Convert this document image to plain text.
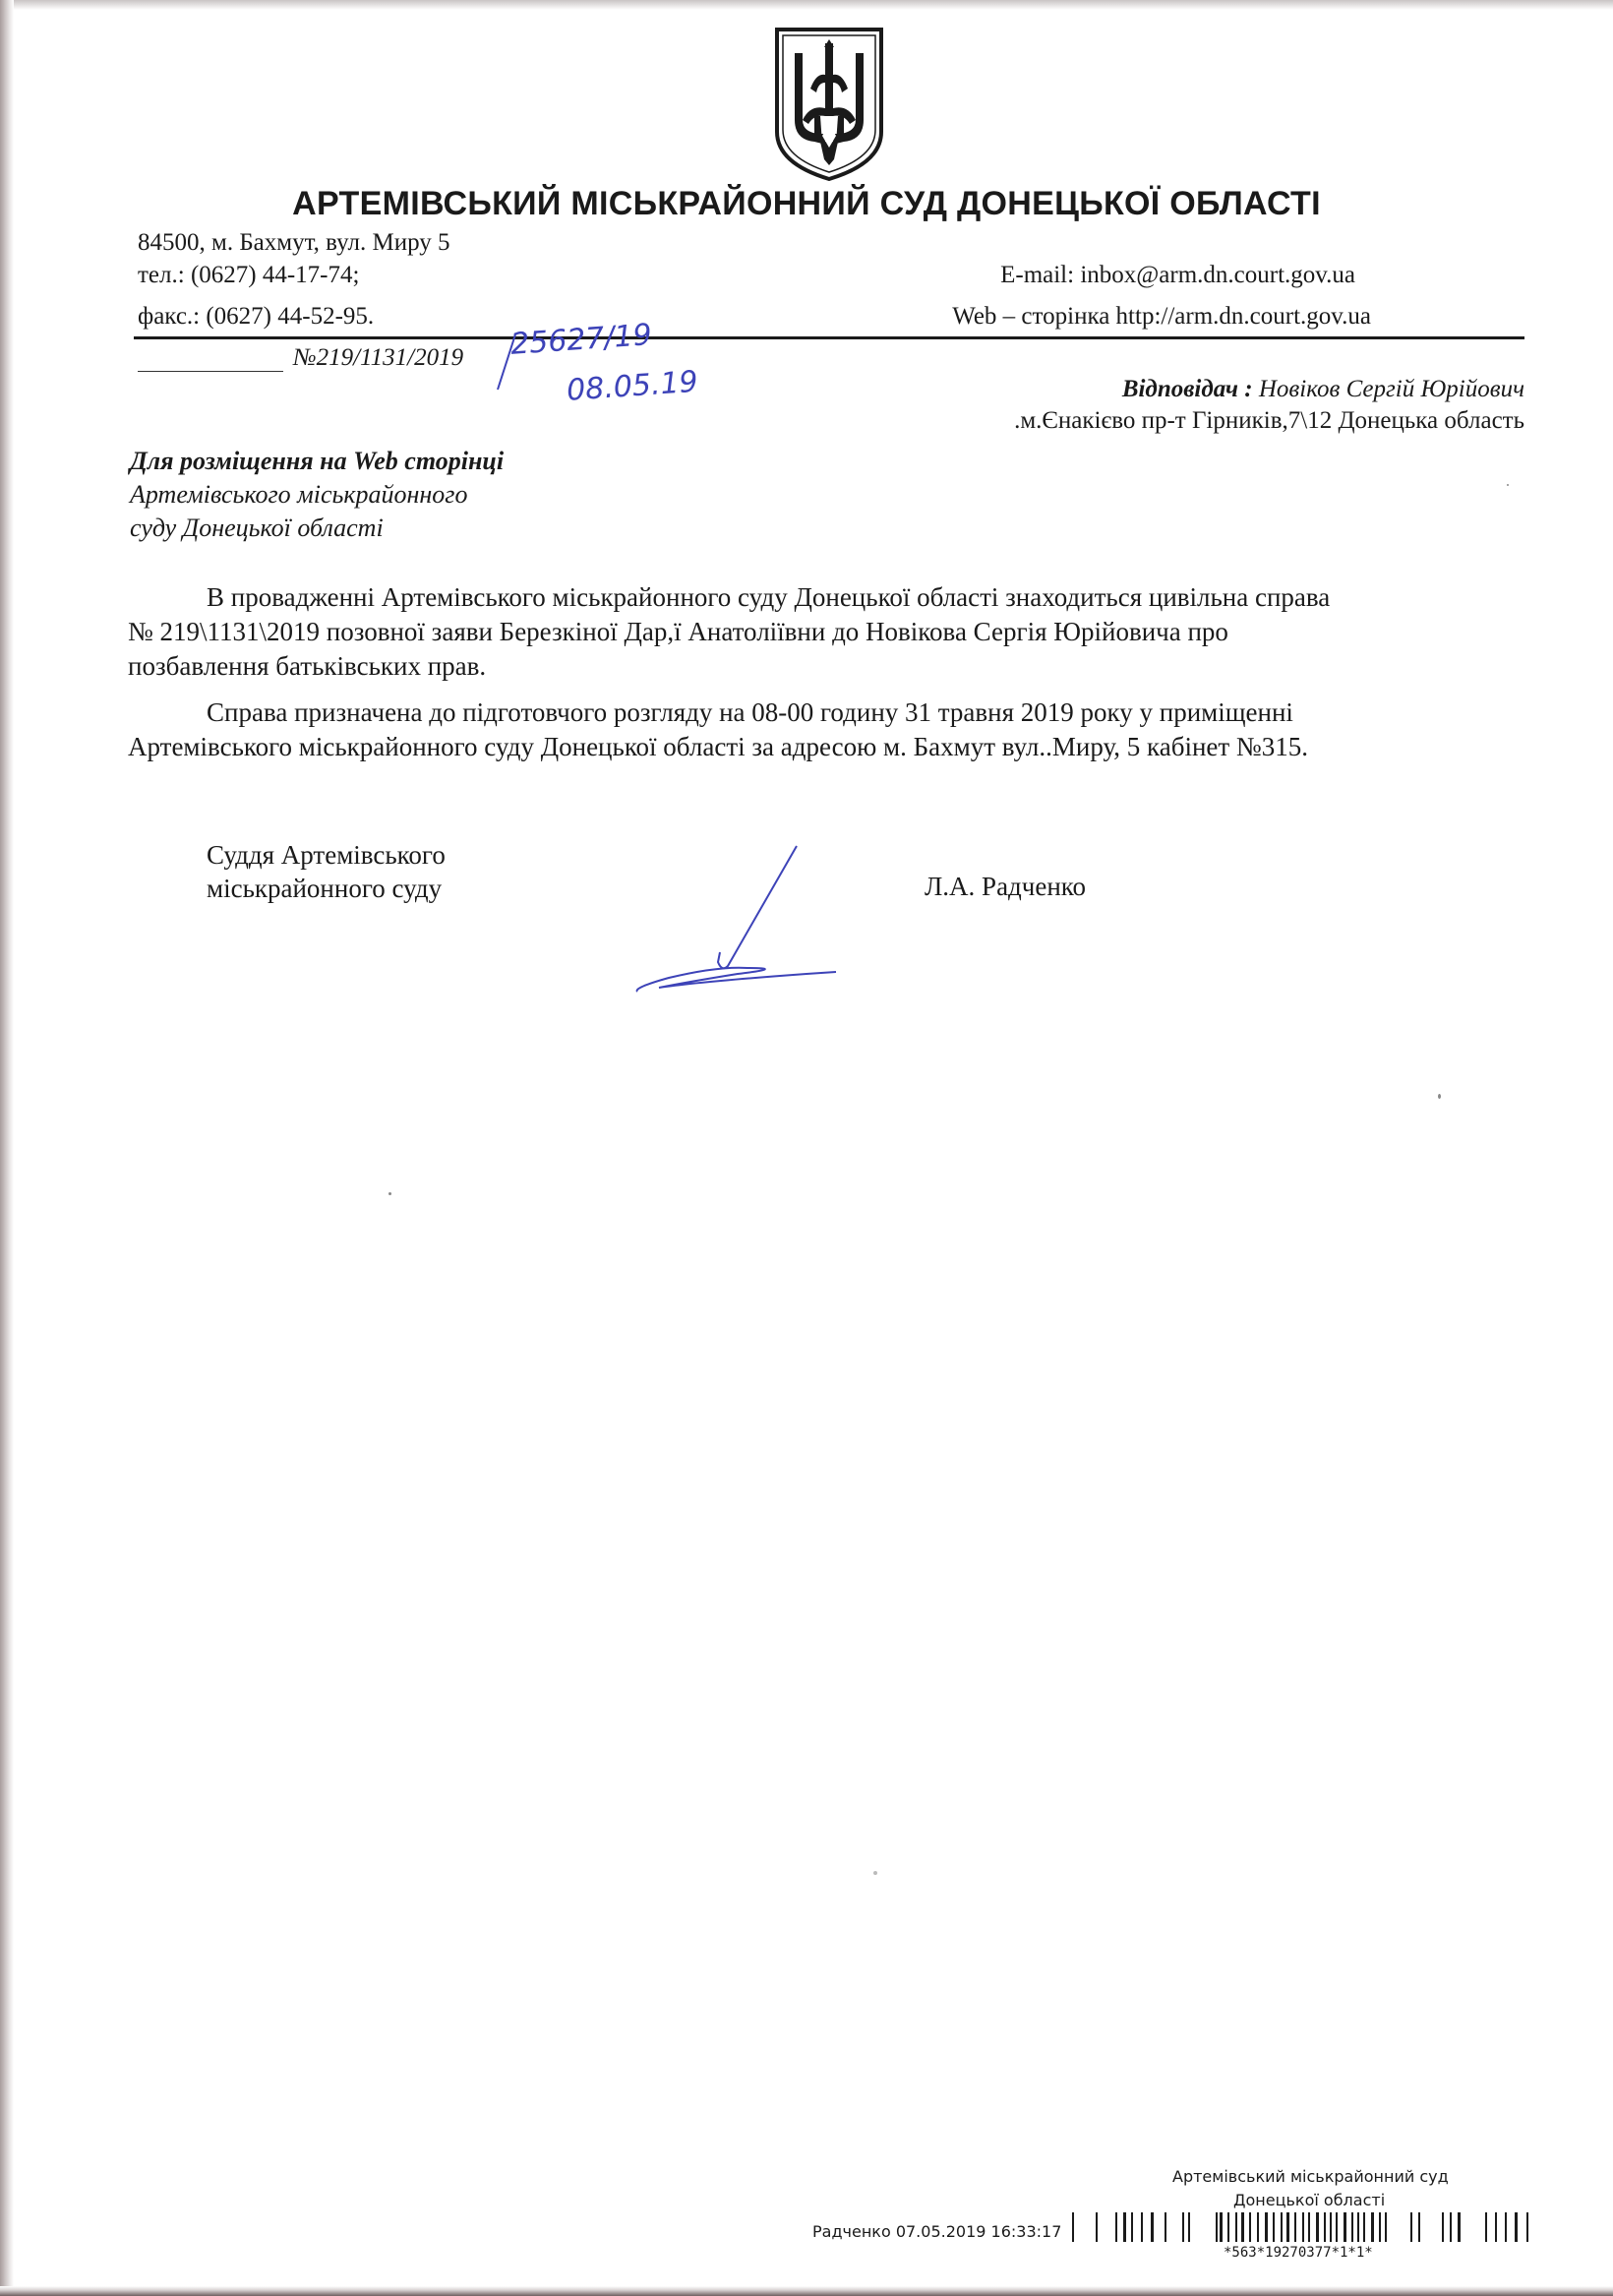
АРТЕМІВСЬКИЙ МІСЬКРАЙОННИЙ СУД ДОНЕЦЬКОЇ ОБЛАСТІ
84500, м. Бахмут, вул. Миру 5
тел.: (0627) 44-17-74;
факс.: (0627) 44-52-95.
E-mail: inbox@arm.dn.court.gov.ua
Web – сторінка http://arm.dn.court.gov.ua
№219/1131/2019 25627/19
08.05.19	Відповідач : Новіков Сергій Юрійович
.м.Єнакієво пр-т Гірників,7\12 Донецька область
Для розміщення на Web сторінці
Артемівського міськрайонного
суду Донецької області
В провадженні Артемівського міськрайонного суду Донецької області знаходиться цивільна справа
№ 219\1131\2019 позовної заяви Березкіної Дар,ї Анатоліївни до Новікова Сергія Юрійовича про
позбавлення батьківських прав.
Справа призначена до підготовчого розгляду на 08-00 годину 31 травня 2019 року у приміщенні
Артемівського міськрайонного суду Донецької області за адресою м. Бахмут вул..Миру, 5 кабінет №315.
Суддя Артемівського
міськрайонного суду	Л.А. Радченко
Артемівський міськрайонний суд
Донецької області
Радченко 07.05.2019 16:33:17
*563*19270377*1*1*
